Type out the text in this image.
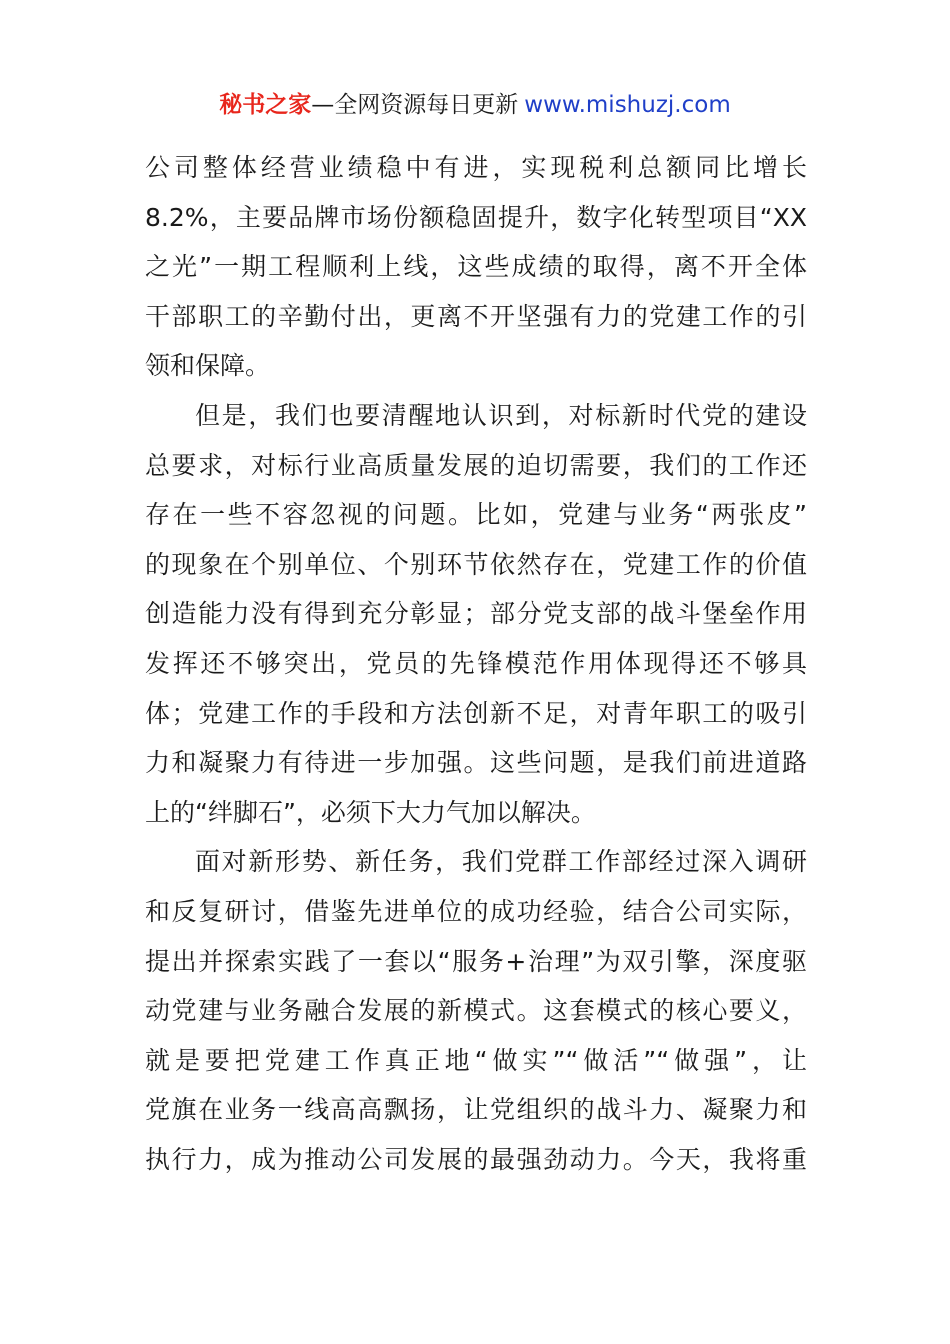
秘书之家—全网资源每日更新 www.mishuzj.com
公司整体经营业绩稳中有进，实现税利总额同比增长
8.2%，主要品牌市场份额稳固提升，数字化转型项目“XX
之光”一期工程顺利上线，这些成绩的取得，离不开全体
干部职工的辛勤付出，更离不开坚强有力的党建工作的引
领和保障。
但是，我们也要清醒地认识到，对标新时代党的建设
总要求，对标行业高质量发展的迫切需要，我们的工作还
存在一些不容忽视的问题。比如，党建与业务“两张皮”
的现象在个别单位、个别环节依然存在，党建工作的价值
创造能力没有得到充分彰显；部分党支部的战斗堡垒作用
发挥还不够突出，党员的先锋模范作用体现得还不够具
体；党建工作的手段和方法创新不足，对青年职工的吸引
力和凝聚力有待进一步加强。这些问题，是我们前进道路
上的“绊脚石”，必须下大力气加以解决。
面对新形势、新任务，我们党群工作部经过深入调研
和反复研讨，借鉴先进单位的成功经验，结合公司实际，
提出并探索实践了一套以“服务+治理”为双引擎，深度驱
动党建与业务融合发展的新模式。这套模式的核心要义，
就是要把党建工作真正地“做实”“做活”“做强”，让
党旗在业务一线高高飘扬，让党组织的战斗力、凝聚力和
执行力，成为推动公司发展的最强劲动力。今天，我将重
